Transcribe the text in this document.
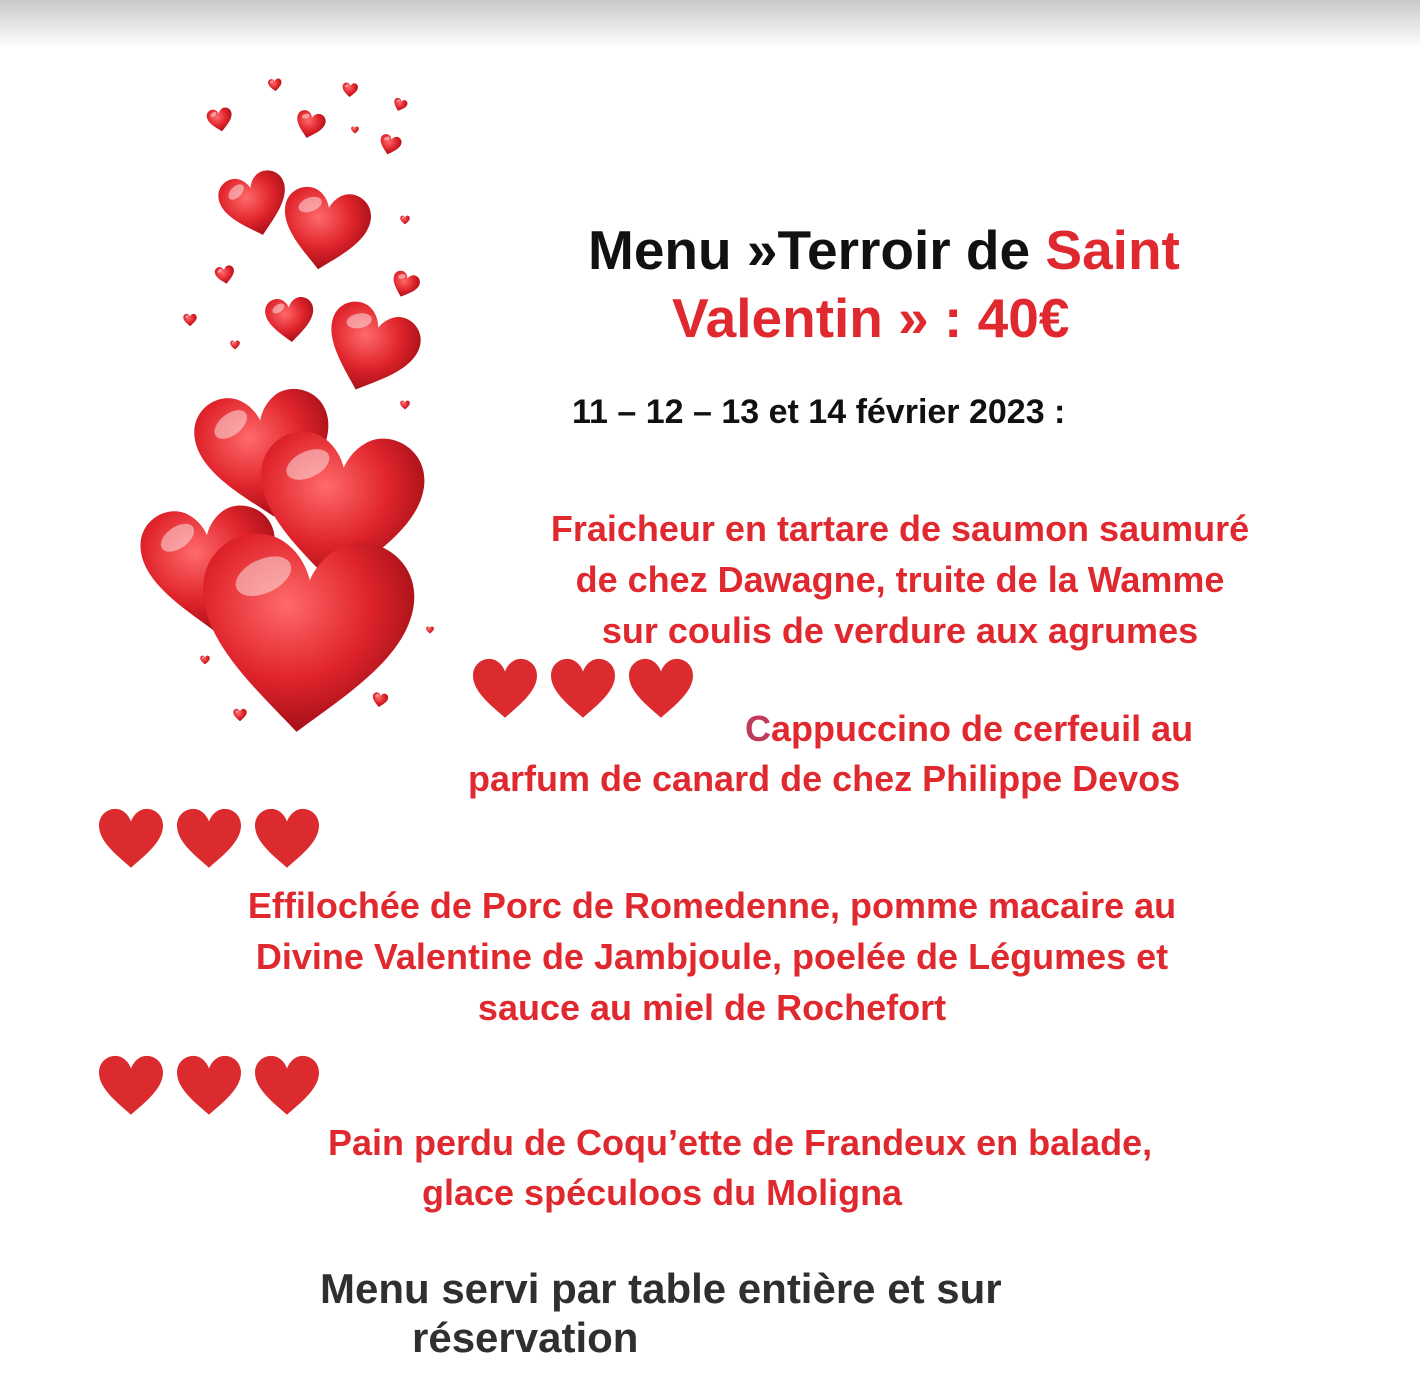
Menu »Terroir de Saint
Valentin » : 40€
11 – 12 – 13 et 14 février 2023 :
Fraicheur en tartare de saumon saumuré
de chez Dawagne, truite de la Wamme
sur coulis de verdure aux agrumes
Cappuccino de cerfeuil au
parfum de canard de chez Philippe Devos
Effilochée de Porc de Romedenne, pomme macaire au
Divine Valentine de Jambjoule, poelée de Légumes et
sauce au miel de Rochefort
Pain perdu de Coqu’ette de Frandeux en balade,
glace spéculoos du Moligna
Menu servi par table entière et sur
réservation
